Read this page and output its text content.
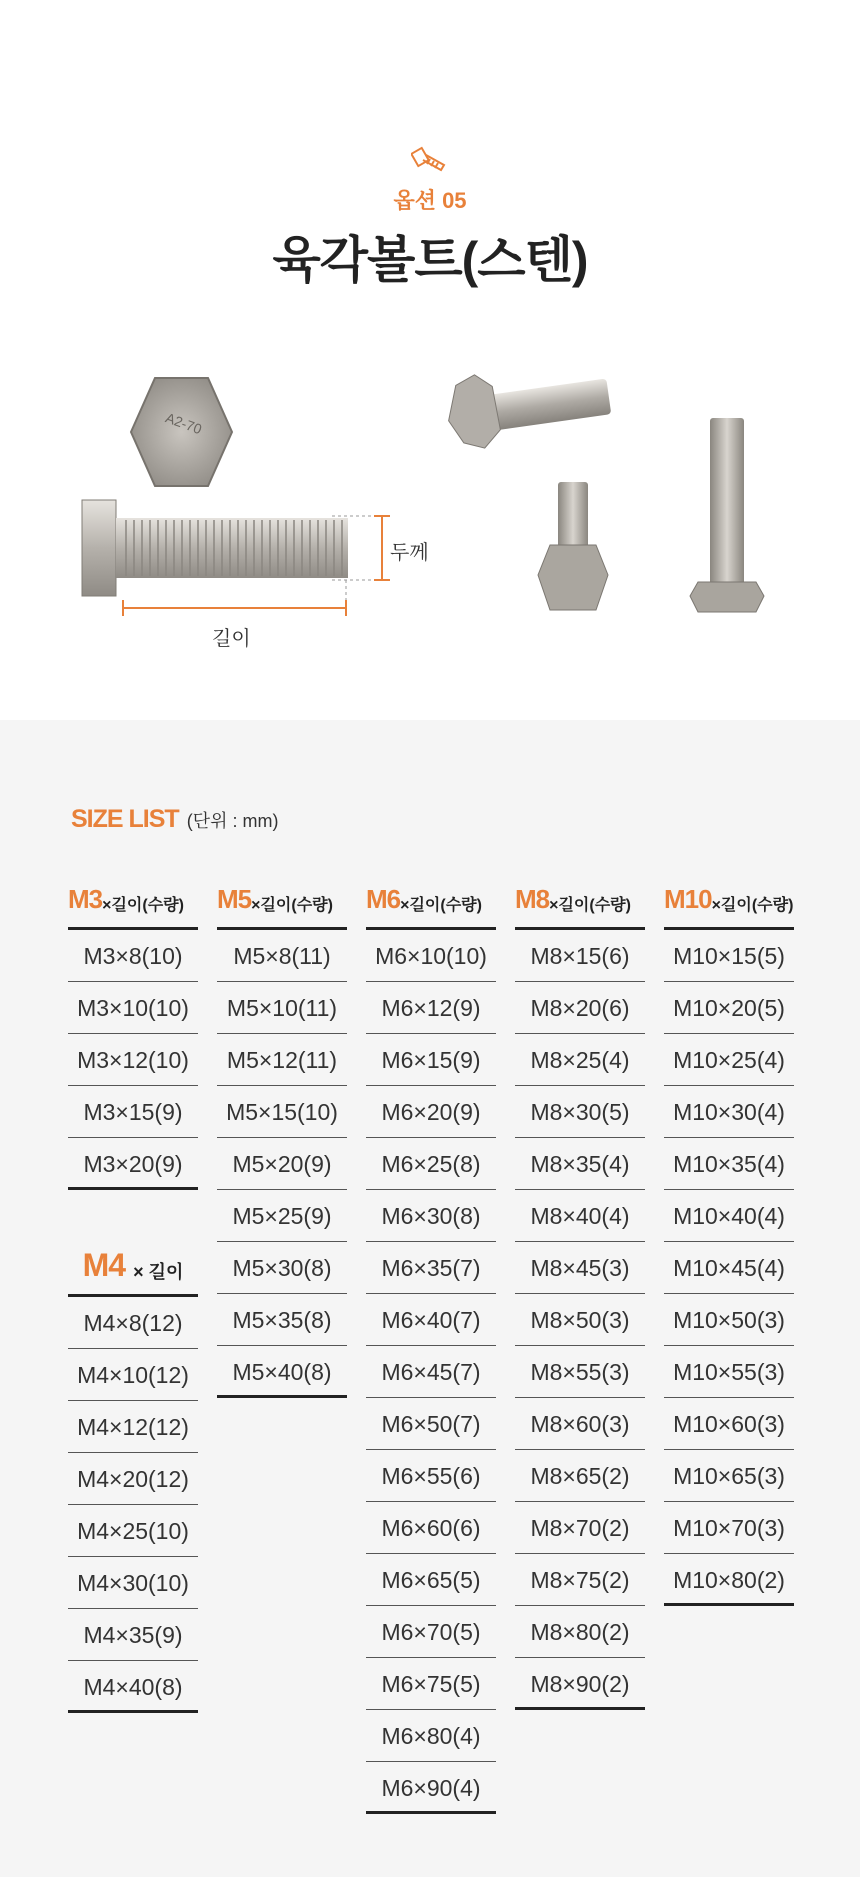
옵션 05
육각볼트(스텐)
A2-70
두께
길이
SIZE LIST (단위 : mm)
M3 ×길이(수량)
M3×8(10)
M3×10(10)
M3×12(10)
M3×15(9)
M3×20(9)
M4 × 길이
M4×8(12)
M4×10(12)
M4×12(12)
M4×20(12)
M4×25(10)
M4×30(10)
M4×35(9)
M4×40(8)
M5 ×길이(수량)
M5×8(11)
M5×10(11)
M5×12(11)
M5×15(10)
M5×20(9)
M5×25(9)
M5×30(8)
M5×35(8)
M5×40(8)
M6 ×길이(수량)
M6×10(10)
M6×12(9)
M6×15(9)
M6×20(9)
M6×25(8)
M6×30(8)
M6×35(7)
M6×40(7)
M6×45(7)
M6×50(7)
M6×55(6)
M6×60(6)
M6×65(5)
M6×70(5)
M6×75(5)
M6×80(4)
M6×90(4)
M8 ×길이(수량)
M8×15(6)
M8×20(6)
M8×25(4)
M8×30(5)
M8×35(4)
M8×40(4)
M8×45(3)
M8×50(3)
M8×55(3)
M8×60(3)
M8×65(2)
M8×70(2)
M8×75(2)
M8×80(2)
M8×90(2)
M10 ×길이(수량)
M10×15(5)
M10×20(5)
M10×25(4)
M10×30(4)
M10×35(4)
M10×40(4)
M10×45(4)
M10×50(3)
M10×55(3)
M10×60(3)
M10×65(3)
M10×70(3)
M10×80(2)
